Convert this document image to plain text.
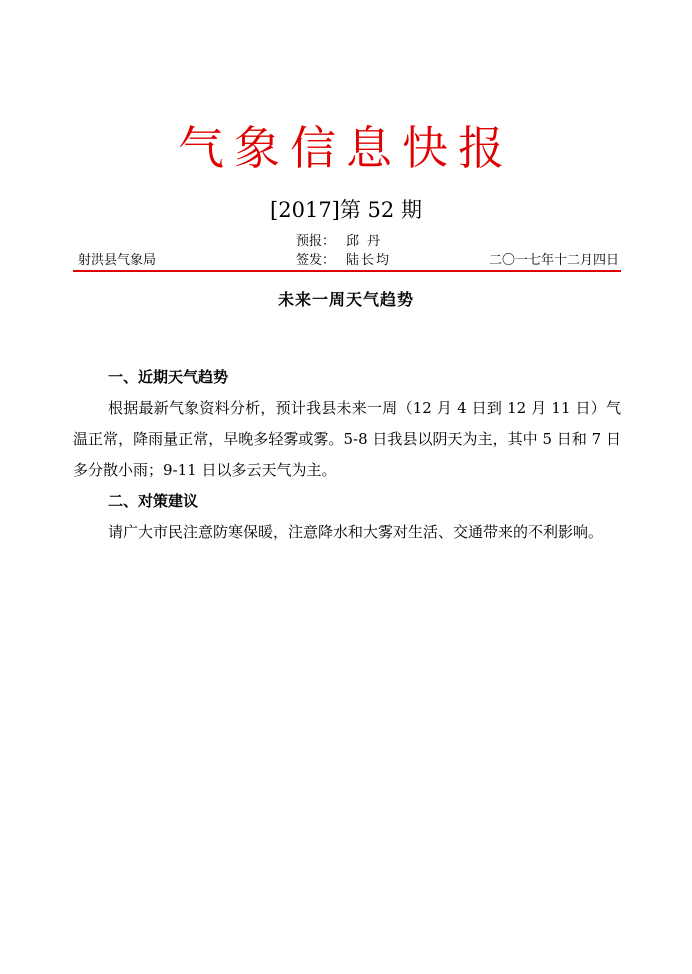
气象信息快报
[2017]第 52 期
预报： 邱 丹
射洪县气象局	签发： 陆长均	二〇一七年十二月四日
未来一周天气趋势

一、近期天气趋势

根据最新气象资料分析，预计我县未来一周（12 月 4 日到 12 月 11 日）气温正常，降雨量正常，早晚多轻雾或雾。5-8 日我县以阴天为主，其中 5 日和 7 日多分散小雨；9-11 日以多云天气为主。

二、对策建议

请广大市民注意防寒保暖，注意降水和大雾对生活、交通带来的不利影响。
